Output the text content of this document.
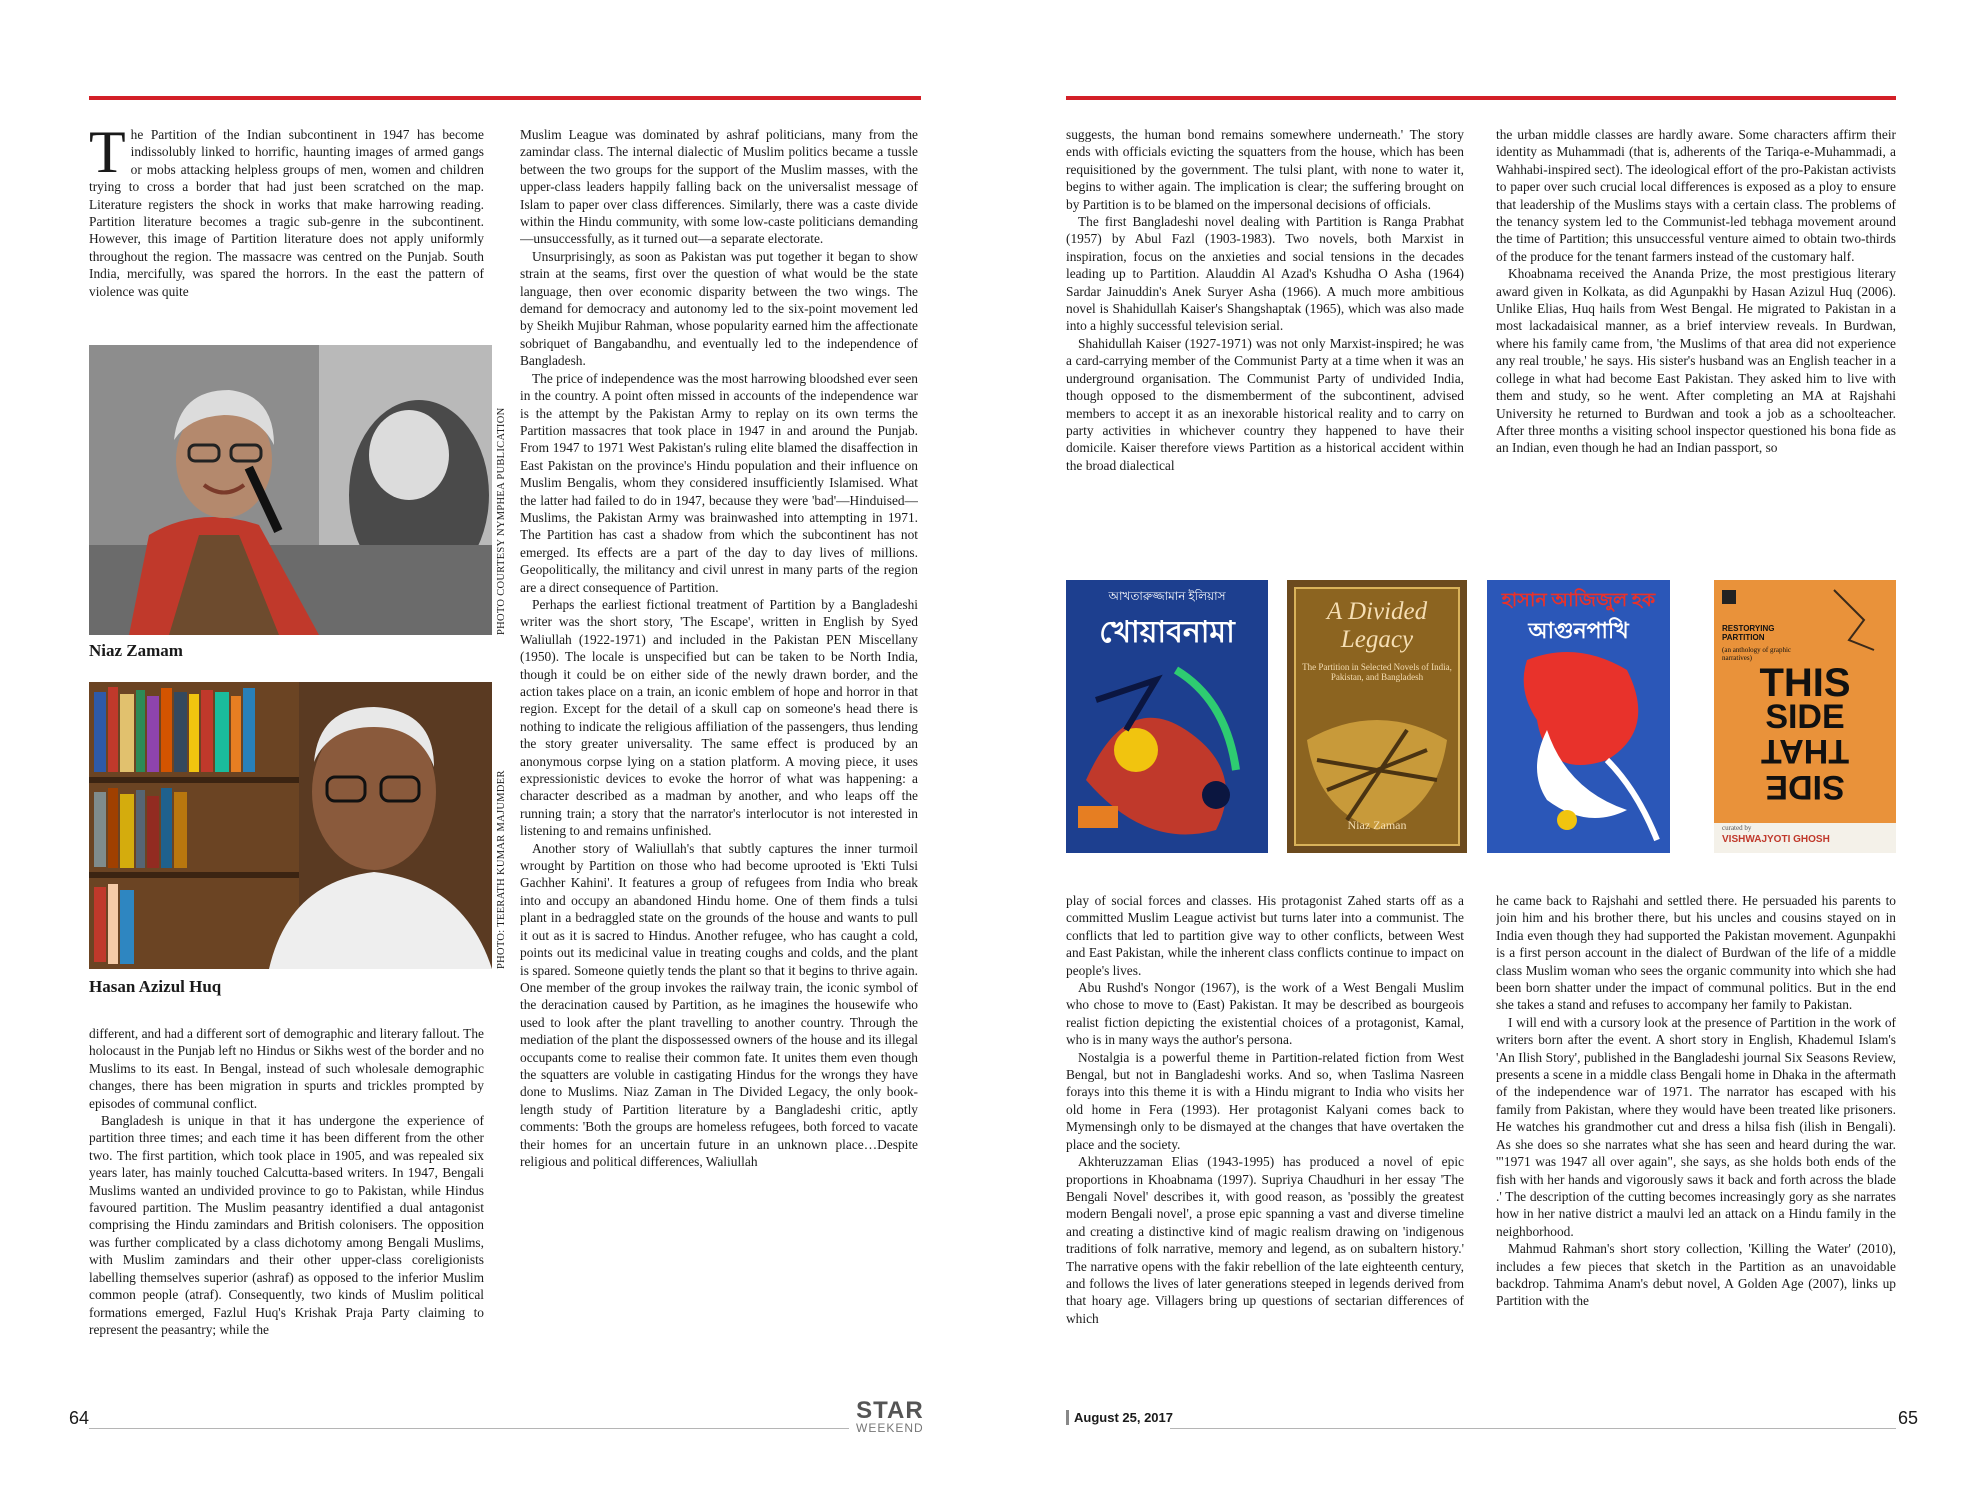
The Partition of the Indian subcontinent in 1947 has become indissolubly linked to horrific, haunting images of armed gangs or mobs attacking helpless groups of men, women and children trying to cross a border that had just been scratched on the map. Literature registers the shock in works that make harrowing reading. Partition literature becomes a tragic sub-genre in the subcontinent. However, this image of Partition literature does not apply uniformly throughout the region. The massacre was centred on the Punjab. South India, mercifully, was spared the horrors. In the east the pattern of violence was quite

Niaz Zamam
PHOTO COURTESY NYMPHEA PUBLICATION
Hasan Azizul Huq
PHOTO: TEERATH KUMAR MAJUMDER

different, and had a different sort of demographic and literary fallout. The holocaust in the Punjab left no Hindus or Sikhs west of the border and no Muslims to its east. In Bengal, instead of such wholesale demographic changes, there has been migration in spurts and trickles prompted by episodes of communal conflict.

Bangladesh is unique in that it has undergone the experience of partition three times; and each time it has been different from the other two. The first partition, which took place in 1905, and was repealed six years later, has mainly touched Calcutta-based writers. In 1947, Bengali Muslims wanted an undivided province to go to Pakistan, while Hindus favoured partition. The Muslim peasantry identified a dual antagonist comprising the Hindu zamindars and British colonisers. The opposition was further complicated by a class dichotomy among Bengali Muslims, with Muslim zamindars and their other upper-class coreligionists labelling themselves superior (ashraf) as opposed to the inferior Muslim common people (atraf). Consequently, two kinds of Muslim political formations emerged, Fazlul Huq's Krishak Praja Party claiming to represent the peasantry; while the

Muslim League was dominated by ashraf politicians, many from the zamindar class. The internal dialectic of Muslim politics became a tussle between the two groups for the support of the Muslim masses, with the upper-class leaders happily falling back on the universalist message of Islam to paper over class differences. Similarly, there was a caste divide within the Hindu community, with some low-caste politicians demanding—unsuccessfully, as it turned out—a separate electorate.

Unsurprisingly, as soon as Pakistan was put together it began to show strain at the seams, first over the question of what would be the state language, then over economic disparity between the two wings. The demand for democracy and autonomy led to the six-point movement led by Sheikh Mujibur Rahman, whose popularity earned him the affectionate sobriquet of Bangabandhu, and eventually led to the independence of Bangladesh.

The price of independence was the most harrowing bloodshed ever seen in the country. A point often missed in accounts of the independence war is the attempt by the Pakistan Army to replay on its own terms the Partition massacres that took place in 1947 in and around the Punjab. From 1947 to 1971 West Pakistan's ruling elite blamed the disaffection in East Pakistan on the province's Hindu population and their influence on Muslim Bengalis, whom they considered insufficiently Islamised. What the latter had failed to do in 1947, because they were 'bad'—Hinduised—Muslims, the Pakistan Army was brainwashed into attempting in 1971. The Partition has cast a shadow from which the subcontinent has not emerged. Its effects are a part of the day to day lives of millions. Geopolitically, the militancy and civil unrest in many parts of the region are a direct consequence of Partition.

Perhaps the earliest fictional treatment of Partition by a Bangladeshi writer was the short story, 'The Escape', written in English by Syed Waliullah (1922-1971) and included in the Pakistan PEN Miscellany (1950). The locale is unspecified but can be taken to be North India, though it could be on either side of the newly drawn border, and the action takes place on a train, an iconic emblem of hope and horror in that region. Except for the detail of a skull cap on someone's head there is nothing to indicate the religious affiliation of the passengers, thus lending the story greater universality. The same effect is produced by an anonymous corpse lying on a station platform. A moving piece, it uses expressionistic devices to evoke the horror of what was happening: a character described as a madman by another, and who leaps off the running train; a story that the narrator's interlocutor is not interested in listening to and remains unfinished.

Another story of Waliullah's that subtly captures the inner turmoil wrought by Partition on those who had become uprooted is 'Ekti Tulsi Gachher Kahini'. It features a group of refugees from India who break into and occupy an abandoned Hindu home. One of them finds a tulsi plant in a bedraggled state on the grounds of the house and wants to pull it out as it is sacred to Hindus. Another refugee, who has caught a cold, points out its medicinal value in treating coughs and colds, and the plant is spared. Someone quietly tends the plant so that it begins to thrive again. One member of the group invokes the railway train, the iconic symbol of the deracination caused by Partition, as he imagines the housewife who used to look after the plant travelling to another country. Through the mediation of the plant the dispossessed owners of the house and its illegal occupants come to realise their common fate. It unites them even though the squatters are voluble in castigating Hindus for the wrongs they have done to Muslims. Niaz Zaman in The Divided Legacy, the only book-length study of Partition literature by a Bangladeshi critic, aptly comments: 'Both the groups are homeless refugees, both forced to vacate their homes for an uncertain future in an unknown place…Despite religious and political differences, Waliullah

64	STAR
WEEKEND

suggests, the human bond remains somewhere underneath.' The story ends with officials evicting the squatters from the house, which has been requisitioned by the government. The tulsi plant, with none to water it, begins to wither again. The implication is clear; the suffering brought on by Partition is to be blamed on the impersonal decisions of officials.

The first Bangladeshi novel dealing with Partition is Ranga Prabhat (1957) by Abul Fazl (1903-1983). Two novels, both Marxist in inspiration, focus on the anxieties and social tensions in the decades leading up to Partition. Alauddin Al Azad's Kshudha O Asha (1964) Sardar Jainuddin's Anek Suryer Asha (1966). A much more ambitious novel is Shahidullah Kaiser's Shangshaptak (1965), which was also made into a highly successful television serial.

Shahidullah Kaiser (1927-1971) was not only Marxist-inspired; he was a card-carrying member of the Communist Party at a time when it was an underground organisation. The Communist Party of undivided India, though opposed to the dismemberment of the subcontinent, advised members to accept it as an inexorable historical reality and to carry on party activities in whichever country they happened to have their domicile. Kaiser therefore views Partition as a historical accident within the broad dialectical

the urban middle classes are hardly aware. Some characters affirm their identity as Muhammadi (that is, adherents of the Tariqa-e-Muhammadi, a Wahhabi-inspired sect). The ideological effort of the pro-Pakistan activists to paper over such crucial local differences is exposed as a ploy to ensure that leadership of the Muslims stays with a certain class. The problems of the tenancy system led to the Communist-led tebhaga movement around the time of Partition; this unsuccessful venture aimed to obtain two-thirds of the produce for the tenant farmers instead of the customary half.

Khoabnama received the Ananda Prize, the most prestigious literary award given in Kolkata, as did Agunpakhi by Hasan Azizul Huq (2006). Unlike Elias, Huq hails from West Bengal. He migrated to Pakistan in a most lackadaisical manner, as a brief interview reveals. In Burdwan, where his family came from, 'the Muslims of that area did not experience any real trouble,' he says. His sister's husband was an English teacher in a college in what had become East Pakistan. They asked him to live with them and study, so he went. After completing an MA at Rajshahi University he returned to Burdwan and took a job as a schoolteacher. After three months a visiting school inspector questioned his bona fide as an Indian, even though he had an Indian passport, so

আখতারুজ্জামান ইলিয়াস
খোয়াবনামা
A Divided Legacy
The Partition in Selected Novels of India, Pakistan, and Bangladesh
Niaz Zaman
হাসান আজিজুল হক
আগুনপাখি	RESTORYING PARTITION
(an anthology of graphic narratives)
THIS
SIDE
THAT
SIDE
curated by
VISHWAJYOTI GHOSH

play of social forces and classes. His protagonist Zahed starts off as a committed Muslim League activist but turns later into a communist. The conflicts that led to partition give way to other conflicts, between West and East Pakistan, while the inherent class conflicts continue to impact on people's lives.

Abu Rushd's Nongor (1967), is the work of a West Bengali Muslim who chose to move to (East) Pakistan. It may be described as bourgeois realist fiction depicting the existential choices of a protagonist, Kamal, who is in many ways the author's persona.

Nostalgia is a powerful theme in Partition-related fiction from West Bengal, but not in Bangladeshi works. And so, when Taslima Nasreen forays into this theme it is with a Hindu migrant to India who visits her old home in Fera (1993). Her protagonist Kalyani comes back to Mymensingh only to be dismayed at the changes that have overtaken the place and the society.

Akhteruzzaman Elias (1943-1995) has produced a novel of epic proportions in Khoabnama (1997). Supriya Chaudhuri in her essay 'The Bengali Novel' describes it, with good reason, as 'possibly the greatest modern Bengali novel', a prose epic spanning a vast and diverse timeline and creating a distinctive kind of magic realism drawing on 'indigenous traditions of folk narrative, memory and legend, as on subaltern history.' The narrative opens with the fakir rebellion of the late eighteenth century, and follows the lives of later generations steeped in legends derived from that hoary age. Villagers bring up questions of sectarian differences of which

he came back to Rajshahi and settled there. He persuaded his parents to join him and his brother there, but his uncles and cousins stayed on in India even though they had supported the Pakistan movement. Agunpakhi is a first person account in the dialect of Burdwan of the life of a middle class Muslim woman who sees the organic community into which she had been born shatter under the impact of communal politics. But in the end she takes a stand and refuses to accompany her family to Pakistan.

I will end with a cursory look at the presence of Partition in the work of writers born after the event. A short story in English, Khademul Islam's 'An Ilish Story', published in the Bangladeshi journal Six Seasons Review, presents a scene in a middle class Bengali home in Dhaka in the aftermath of the independence war of 1971. The narrator has escaped with his family from Pakistan, where they would have been treated like prisoners. He watches his grandmother cut and dress a hilsa fish (ilish in Bengali). As she does so she narrates what she has seen and heard during the war. '"1971 was 1947 all over again", she says, as she holds both ends of the fish with her hands and vigorously saws it back and forth across the blade .' The description of the cutting becomes increasingly gory as she narrates how in her native district a maulvi led an attack on a Hindu family in the neighborhood.

Mahmud Rahman's short story collection, 'Killing the Water' (2010), includes a few pieces that sketch in the Partition as an unavoidable backdrop. Tahmima Anam's debut novel, A Golden Age (2007), links up Partition with the

August 25, 2017	65
